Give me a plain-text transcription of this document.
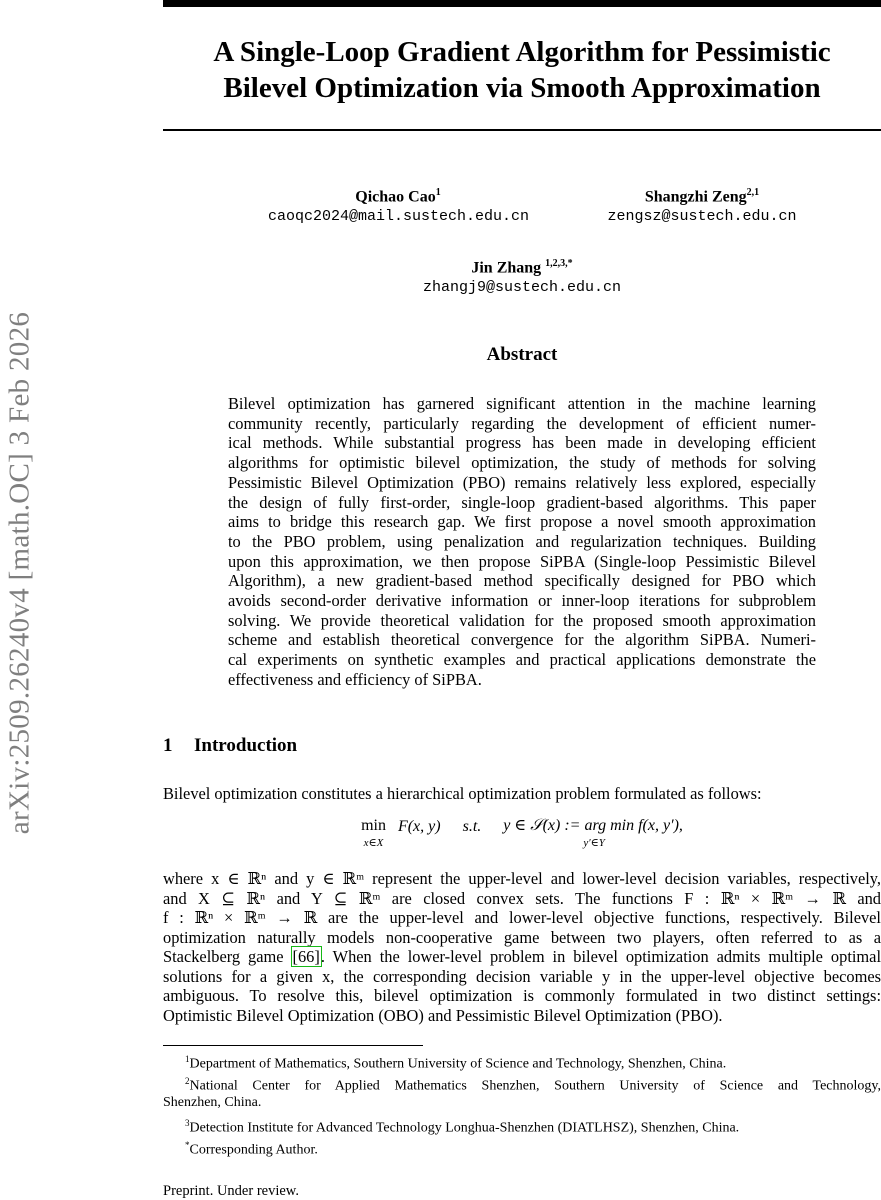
arXiv:2509.26240v4 [math.OC] 3 Feb 2026
A Single-Loop Gradient Algorithm for Pessimistic
Bilevel Optimization via Smooth Approximation
Qichao Cao$^1$
caoqc2024@mail.sustech.edu.cn
Shangzhi Zeng$^{2,1}$
zengsz@sustech.edu.cn
Jin Zhang $^{1,2,3,*}$
zhangj9@sustech.edu.cn
Abstract
Bilevel optimization has garnered significant attention in the machine learning
community recently, particularly regarding the development of efficient numer-
ical methods. While substantial progress has been made in developing efficient
algorithms for optimistic bilevel optimization, the study of methods for solving
Pessimistic Bilevel Optimization (PBO) remains relatively less explored, especially
the design of fully first-order, single-loop gradient-based algorithms. This paper
aims to bridge this research gap. We first propose a novel smooth approximation
to the PBO problem, using penalization and regularization techniques. Building
upon this approximation, we then propose SiPBA (Single-loop Pessimistic Bilevel
Algorithm), a new gradient-based method specifically designed for PBO which
avoids second-order derivative information or inner-loop iterations for subproblem
solving. We provide theoretical validation for the proposed smooth approximation
scheme and establish theoretical convergence for the algorithm SiPBA. Numeri-
cal experiments on synthetic examples and practical applications demonstrate the
effectiveness and efficiency of SiPBA.
1 Introduction
Bilevel optimization constitutes a hierarchical optimization problem formulated as follows:
min
x∈X F(x, y) s.t. y ∈ 𝒮(x) := arg min f(x, y′),
y′∈Y
where x ∈ ℝⁿ and y ∈ ℝᵐ represent the upper-level and lower-level decision variables, respectively,
and X ⊆ ℝⁿ and Y ⊆ ℝᵐ are closed convex sets. The functions F : ℝⁿ × ℝᵐ → ℝ and
f : ℝⁿ × ℝᵐ → ℝ are the upper-level and lower-level objective functions, respectively. Bilevel
optimization naturally models non-cooperative game between two players, often referred to as a
Stackelberg game [66]. When the lower-level problem in bilevel optimization admits multiple optimal
solutions for a given x, the corresponding decision variable y in the upper-level objective becomes
ambiguous. To resolve this, bilevel optimization is commonly formulated in two distinct settings:
Optimistic Bilevel Optimization (OBO) and Pessimistic Bilevel Optimization (PBO).
$^1$Department of Mathematics, Southern University of Science and Technology, Shenzhen, China.
$^2$National Center for Applied Mathematics Shenzhen, Southern University of Science and Technology,
Shenzhen, China.
$^3$Detection Institute for Advanced Technology Longhua-Shenzhen (DIATLHSZ), Shenzhen, China.
*Corresponding Author.
Preprint. Under review.
